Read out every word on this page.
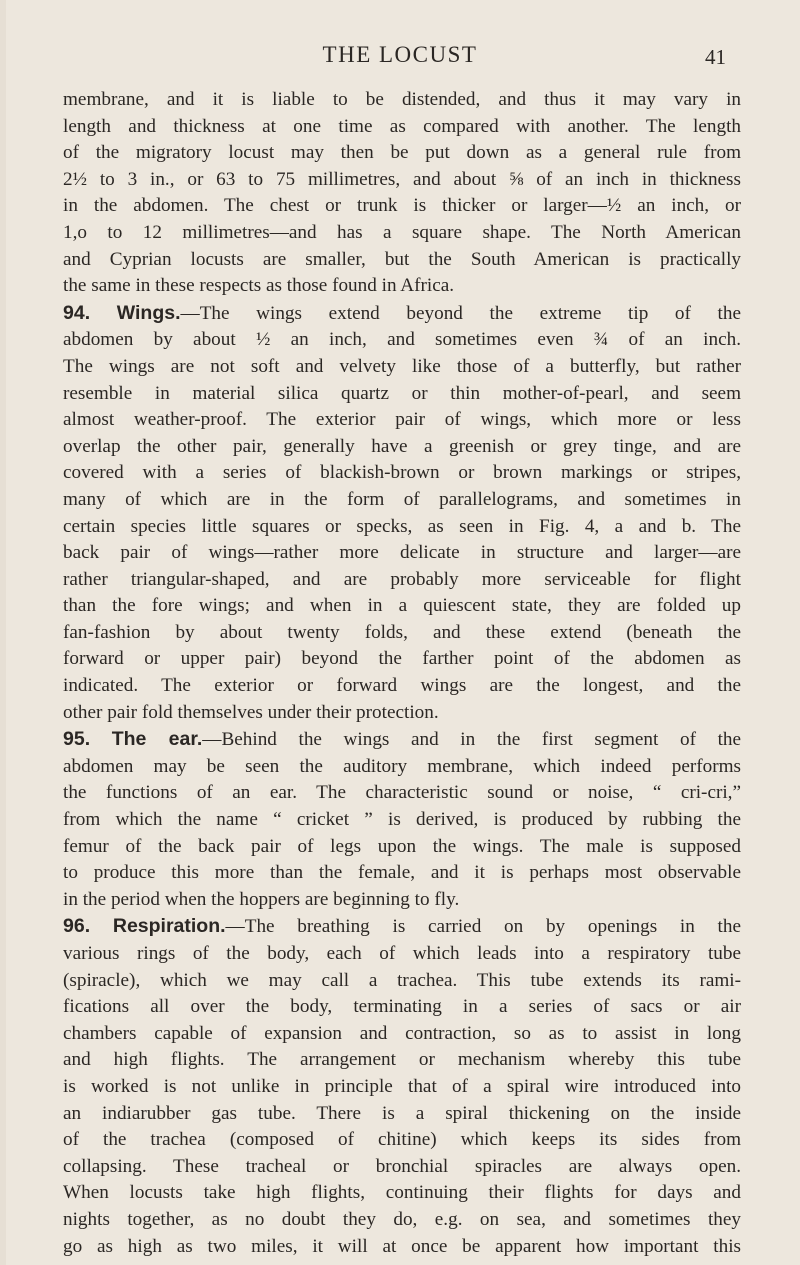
THE LOCUST	41

membrane, and it is liable to be distended, and thus it may vary in
length and thickness at one time as compared with another. The length
of the migratory locust may then be put down as a general rule from
2½ to 3 in., or 63 to 75 millimetres, and about ⅝ of an inch in thickness
in the abdomen. The chest or trunk is thicker or larger—½ an inch, or
1,o to 12 millimetres—and has a square shape. The North American
and Cyprian locusts are smaller, but the South American is practically
the same in these respects as those found in Africa.

94. Wings.—The wings extend beyond the extreme tip of the
abdomen by about ½ an inch, and sometimes even ¾ of an inch.
The wings are not soft and velvety like those of a butterfly, but rather
resemble in material silica quartz or thin mother-of-pearl, and seem
almost weather-proof. The exterior pair of wings, which more or less
overlap the other pair, generally have a greenish or grey tinge, and are
covered with a series of blackish-brown or brown markings or stripes,
many of which are in the form of parallelograms, and sometimes in
certain species little squares or specks, as seen in Fig. 4, a and b. The
back pair of wings—rather more delicate in structure and larger—are
rather triangular-shaped, and are probably more serviceable for flight
than the fore wings; and when in a quiescent state, they are folded up
fan-fashion by about twenty folds, and these extend (beneath the
forward or upper pair) beyond the farther point of the abdomen as
indicated. The exterior or forward wings are the longest, and the
other pair fold themselves under their protection.

95. The ear.—Behind the wings and in the first segment of the
abdomen may be seen the auditory membrane, which indeed performs
the functions of an ear. The characteristic sound or noise, “ cri-cri,”
from which the name “ cricket ” is derived, is produced by rubbing the
femur of the back pair of legs upon the wings. The male is supposed
to produce this more than the female, and it is perhaps most observable
in the period when the hoppers are beginning to fly.

96. Respiration.—The breathing is carried on by openings in the
various rings of the body, each of which leads into a respiratory tube
(spiracle), which we may call a trachea. This tube extends its rami-
fications all over the body, terminating in a series of sacs or air
chambers capable of expansion and contraction, so as to assist in long
and high flights. The arrangement or mechanism whereby this tube
is worked is not unlike in principle that of a spiral wire introduced into
an indiarubber gas tube. There is a spiral thickening on the inside
of the trachea (composed of chitine) which keeps its sides from
collapsing. These tracheal or bronchial spiracles are always open.
When locusts take high flights, continuing their flights for days and
nights together, as no doubt they do, e.g. on sea, and sometimes they
go as high as two miles, it will at once be apparent how important this
